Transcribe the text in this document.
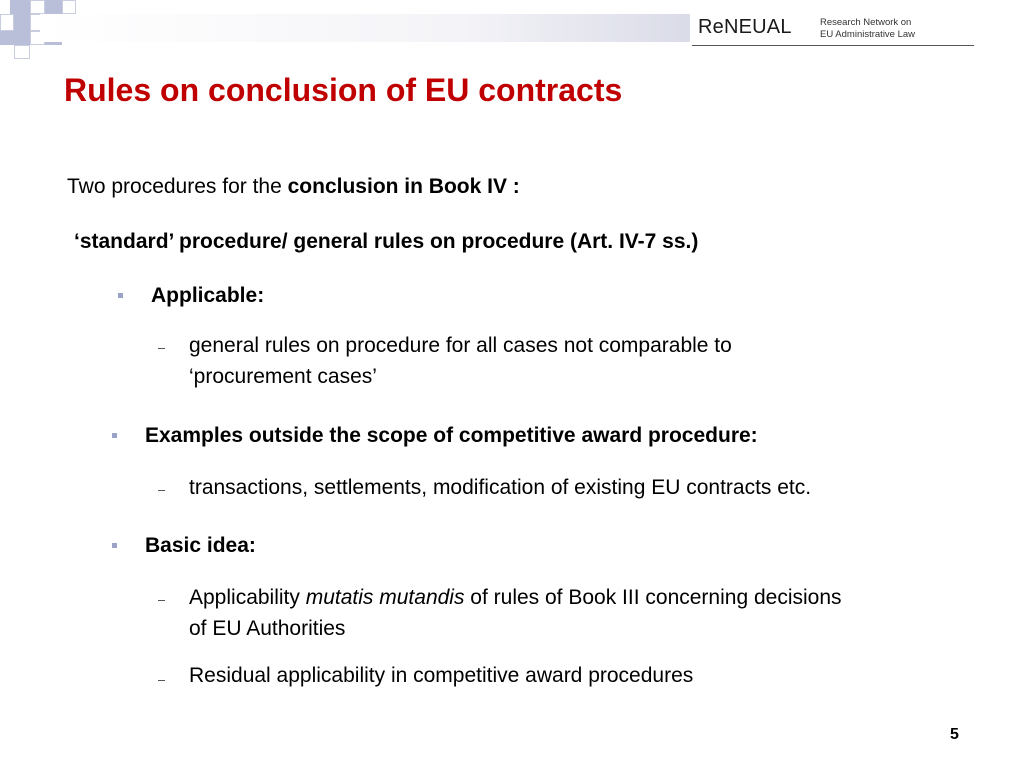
ReNEUAL	Research Network on
EU Administrative Law
Rules on conclusion of EU contracts
Two procedures for the conclusion in Book IV :
‘standard’ procedure/ general rules on procedure (Art. IV-7 ss.)
Applicable:
general rules on procedure for all cases not comparable to
‘procurement cases’
Examples outside the scope of competitive award procedure:
transactions, settlements, modification of existing EU contracts etc.
Basic idea:
Applicability mutatis mutandis of rules of Book III concerning decisions
of EU Authorities
Residual applicability in competitive award procedures
5
